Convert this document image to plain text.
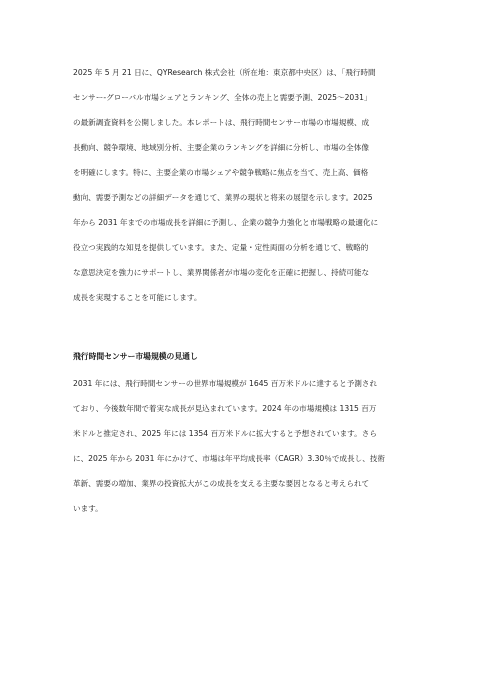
2025 年 5 月 21 日に、QYResearch 株式会社（所在地：東京都中央区）は、「飛行時間
センサー‐グローバル市場シェアとランキング、全体の売上と需要予測、2025～2031」
の最新調査資料を公開しました。本レポートは、飛行時間センサー市場の市場規模、成
長動向、競争環境、地域別分析、主要企業のランキングを詳細に分析し、市場の全体像
を明確にします。特に、主要企業の市場シェアや競争戦略に焦点を当て、売上高、価格
動向、需要予測などの詳細データを通じて、業界の現状と将来の展望を示します。2025
年から 2031 年までの市場成長を詳細に予測し、企業の競争力強化と市場戦略の最適化に
役立つ実践的な知見を提供しています。また、定量・定性両面の分析を通じて、戦略的
な意思決定を強力にサポートし、業界関係者が市場の変化を正確に把握し、持続可能な
成長を実現することを可能にします。
飛行時間センサー市場規模の見通し
2031 年には、飛行時間センサーの世界市場規模が 1645 百万米ドルに達すると予測され
ており、今後数年間で着実な成長が見込まれています。2024 年の市場規模は 1315 百万
米ドルと推定され、2025 年には 1354 百万米ドルに拡大すると予想されています。さら
に、2025 年から 2031 年にかけて、市場は年平均成長率（CAGR）3.30％で成長し、技術
革新、需要の増加、業界の投資拡大がこの成長を支える主要な要因となると考えられて
います。
